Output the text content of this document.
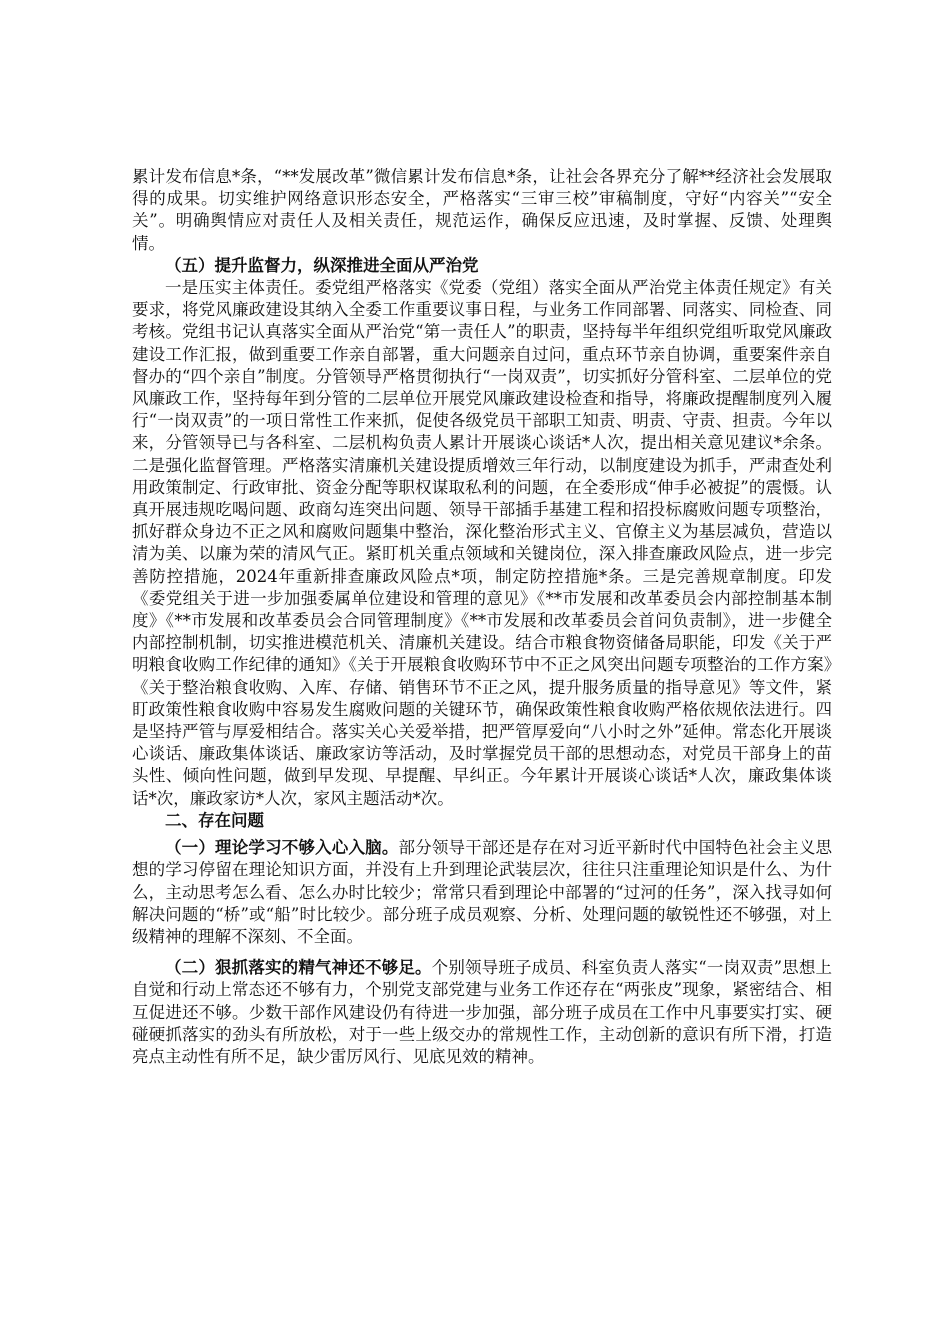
累计发布信息*条，“**发展改革”微信累计发布信息*条，让社会各界充分了解**经济社会发展取得的成果。切实维护网络意识形态安全，严格落实“三审三校”审稿制度，守好“内容关”“安全关”。明确舆情应对责任人及相关责任，规范运作，确保反应迅速，及时掌握、反馈、处理舆情。

（五）提升监督力，纵深推进全面从严治党

一是压实主体责任。委党组严格落实《党委（党组）落实全面从严治党主体责任规定》有关要求，将党风廉政建设其纳入全委工作重要议事日程，与业务工作同部署、同落实、同检查、同考核。党组书记认真落实全面从严治党“第一责任人”的职责，坚持每半年组织党组听取党风廉政建设工作汇报，做到重要工作亲自部署，重大问题亲自过问，重点环节亲自协调，重要案件亲自督办的“四个亲自”制度。分管领导严格贯彻执行“一岗双责”，切实抓好分管科室、二层单位的党风廉政工作，坚持每年到分管的二层单位开展党风廉政建设检查和指导，将廉政提醒制度列入履行“一岗双责”的一项日常性工作来抓，促使各级党员干部职工知责、明责、守责、担责。今年以来，分管领导已与各科室、二层机构负责人累计开展谈心谈话*人次，提出相关意见建议*余条。二是强化监督管理。严格落实清廉机关建设提质增效三年行动，以制度建设为抓手，严肃查处利用政策制定、行政审批、资金分配等职权谋取私利的问题，在全委形成“伸手必被捉”的震慑。认真开展违规吃喝问题、政商勾连突出问题、领导干部插手基建工程和招投标腐败问题专项整治，抓好群众身边不正之风和腐败问题集中整治，深化整治形式主义、官僚主义为基层减负，营造以清为美、以廉为荣的清风气正。紧盯机关重点领域和关键岗位，深入排查廉政风险点，进一步完善防控措施，2024年重新排查廉政风险点*项，制定防控措施*条。三是完善规章制度。印发《委党组关于进一步加强委属单位建设和管理的意见》《**市发展和改革委员会内部控制基本制度》《**市发展和改革委员会合同管理制度》《**市发展和改革委员会首问负责制》，进一步健全内部控制机制，切实推进模范机关、清廉机关建设。结合市粮食物资储备局职能，印发《关于严明粮食收购工作纪律的通知》《关于开展粮食收购环节中不正之风突出问题专项整治的工作方案》《关于整治粮食收购、入库、存储、销售环节不正之风，提升服务质量的指导意见》等文件，紧盯政策性粮食收购中容易发生腐败问题的关键环节，确保政策性粮食收购严格依规依法进行。四是坚持严管与厚爱相结合。落实关心关爱举措，把严管厚爱向“八小时之外”延伸。常态化开展谈心谈话、廉政集体谈话、廉政家访等活动，及时掌握党员干部的思想动态，对党员干部身上的苗头性、倾向性问题，做到早发现、早提醒、早纠正。今年累计开展谈心谈话*人次，廉政集体谈话*次，廉政家访*人次，家风主题活动*次。

二、存在问题

（一）理论学习不够入心入脑。部分领导干部还是存在对习近平新时代中国特色社会主义思想的学习停留在理论知识方面，并没有上升到理论武装层次，往往只注重理论知识是什么、为什么，主动思考怎么看、怎么办时比较少；常常只看到理论中部署的“过河的任务”，深入找寻如何解决问题的“桥”或“船”时比较少。部分班子成员观察、分析、处理问题的敏锐性还不够强，对上级精神的理解不深刻、不全面。

（二）狠抓落实的精气神还不够足。个别领导班子成员、科室负责人落实“一岗双责”思想上自觉和行动上常态还不够有力，个别党支部党建与业务工作还存在“两张皮”现象，紧密结合、相互促进还不够。少数干部作风建设仍有待进一步加强，部分班子成员在工作中凡事要实打实、硬碰硬抓落实的劲头有所放松，对于一些上级交办的常规性工作，主动创新的意识有所下滑，打造亮点主动性有所不足，缺少雷厉风行、见底见效的精神。
